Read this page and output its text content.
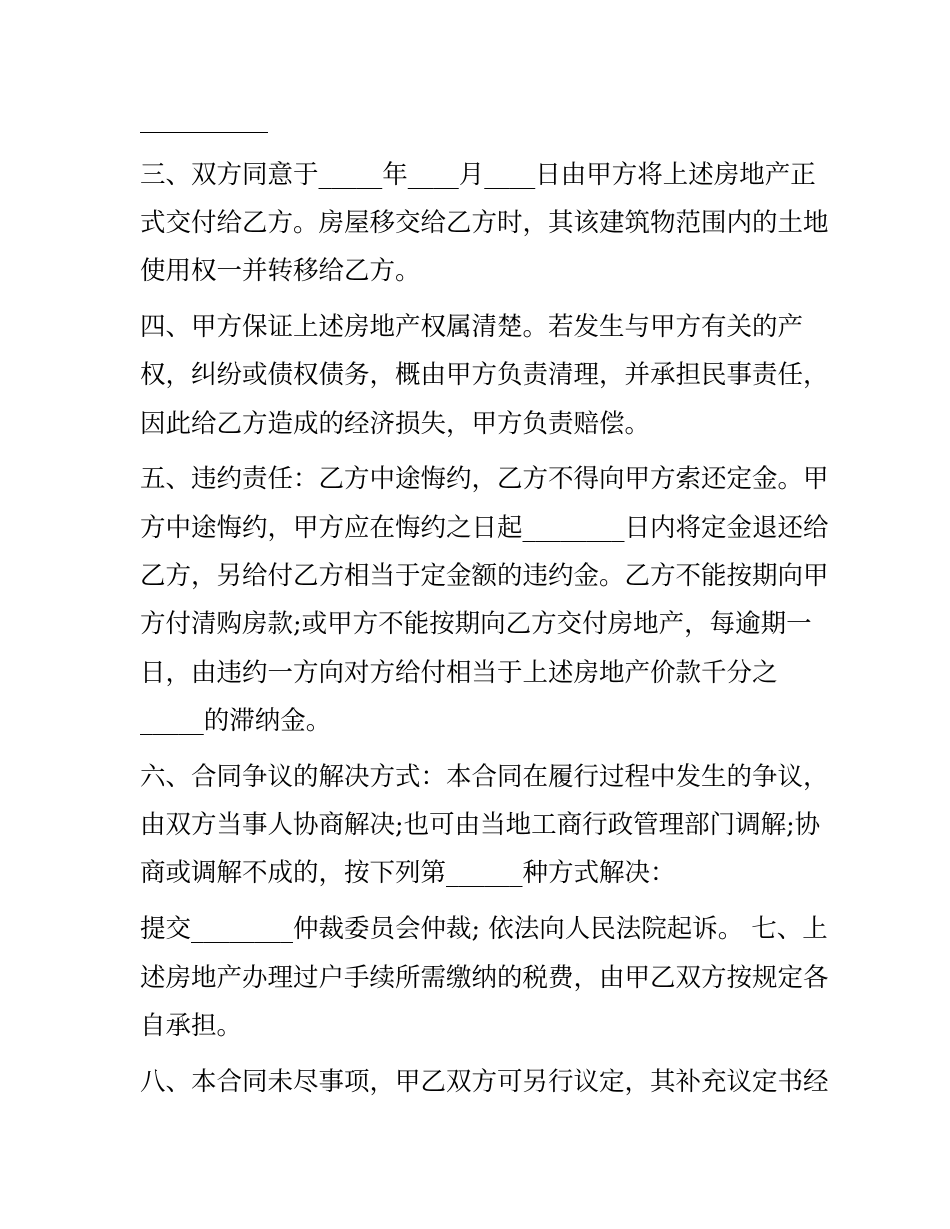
三、双方同意于_____年____月____日由甲方将上述房地产正
式交付给乙方。房屋移交给乙方时，其该建筑物范围内的土地
使用权一并转移给乙方。
四、甲方保证上述房地产权属清楚。若发生与甲方有关的产
权，纠纷或债权债务，概由甲方负责清理，并承担民事责任，
因此给乙方造成的经济损失，甲方负责赔偿。
五、违约责任：乙方中途悔约，乙方不得向甲方索还定金。甲
方中途悔约，甲方应在悔约之日起________日内将定金退还给
乙方，另给付乙方相当于定金额的违约金。乙方不能按期向甲
方付清购房款;或甲方不能按期向乙方交付房地产，每逾期一
日，由违约一方向对方给付相当于上述房地产价款千分之
_____的滞纳金。
六、合同争议的解决方式：本合同在履行过程中发生的争议，
由双方当事人协商解决;也可由当地工商行政管理部门调解;协
商或调解不成的，按下列第______种方式解决：
提交________仲裁委员会仲裁; 依法向人民法院起诉。 七、上
述房地产办理过户手续所需缴纳的税费，由甲乙双方按规定各
自承担。
八、本合同未尽事项，甲乙双方可另行议定，其补充议定书经
